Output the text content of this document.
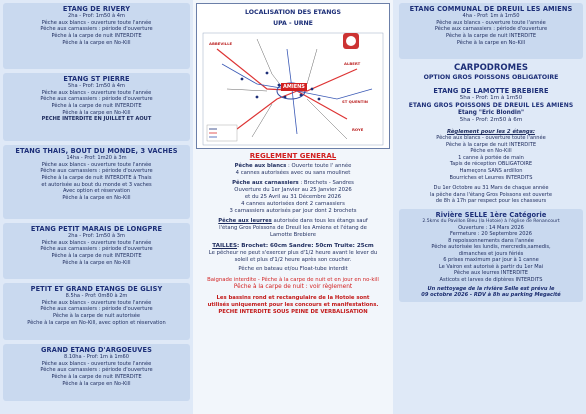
ETANG DE RIVERY
2ha - Prof: 1m50 à 4m
Pêche aux blancs - ouverture toute l'année
Pêche aux carnassiers : période d'ouverture
Pêche à la carpe de nuit INTERDITE
Pêche à la carpe en No-Kill
ETANG ST PIERRE
5ha - Prof: 1m50 à 4m
Pêche aux blancs - ouverture toute l'année
Pêche aux carnassiers : période d'ouverture
Pêche à la carpe de nuit INTERDITE
Pêche à la carpe en No-Kill
PECHE INTERDITE EN JUILLET ET AOUT
ETANG THAIS, BOUT DU MONDE, 3 VACHES
14ha - Prof: 1m20 à 3m
Pêche aux blancs - ouverture toute l'année
Pêche aux carnassiers : période d'ouverture
Pêche à la carpe de nuit INTERDITE à Thais
et autorisée au bout du monde et 3 vaches
Avec option et réservation
Pêche à la carpe en No-Kill
ETANG PETIT MARAIS DE LONGPRE
2ha - Prof: 1m50 à 3m
Pêche aux blancs - ouverture toute l'année
Pêche aux carnassiers : période d'ouverture
Pêche à la carpe de nuit INTERDITE
Pêche à la carpe en No-Kill
PETIT ET GRAND ETANGS DE GLISY
8.5ha - Prof: 0m80 à 2m
Pêche aux blancs - ouverture toute l'année
Pêche aux carnassiers : période d'ouverture
Pêche à la carpe de nuit autorisée
Pêche à la carpe en No-Kill, avec option et réservation
GRAND ETANG D'ARGOEUVES
8.10ha - Prof: 1m à 1m60
Pêche aux blancs - ouverture toute l'année
Pêche aux carnassiers : période d'ouverture
Pêche à la carpe de nuit INTERDITE
Pêche à la carpe en No-Kill
LOCALISATION DES ETANGS
UPA - URNE
ABBEVILLE
AMIENS
ALBERT
ST QUENTIN
ROYE
REGLEMENT GENERAL
Pêche aux blancs : Ouverte toute l' année
4 cannes autorisées avec ou sans moulinet
Pêche aux carnassiers : Brochets - Sandres
Ouverture du 1er Janvier au 25 Janvier 2026
et du 25 Avril au 31 Décembre 2026
4 cannes autorisées dont 2 carnassiers
3 carnassiers autorisés par jour dont 2 brochets
Pêche aux leurres autorisée dans tous les étangs sauf
l'étang Gros Poissons de Dreuil les Amiens et l'étang de
Lamotte Brebiere
TAILLES: Brochet: 60cm Sandre: 50cm Truite: 25cm
Le pêcheur ne peut s'exercer plus d'1/2 heure avant le lever du
soleil et plus d'1/2 heure après son coucher.
Pêche en bateau et/ou Float-tube interdit
Baignade interdite - Pêche à la carpe de nuit et en jour en no-kill
Pêche à la carpe de nuit : voir règlement
Les bassins rond et rectangulaire de la Hotoie sont
utilisés uniquement pour les concours et manifestations.
PECHE INTERDITE SOUS PEINE DE VERBALISATION
ETANG COMMUNAL DE DREUIL LES AMIENS
4ha - Prof: 1m à 1m50
Pêche aux blancs - ouverture toute l'année
Pêche aux carnassiers : période d'ouverture
Pêche à la carpe de nuit INTERDITE
Pêche à la carpe en No-Kill
CARPODROMES
OPTION GROS POISSONS OBLIGATOIRE
ETANG DE LAMOTTE BREBIERE
5ha - Prof: 1m à 1m50
ETANG GROS POISSONS DE DREUIL LES AMIENS
Etang "Eric Blondin"
5ha - Prof: 2m50 à 6m
Règlement pour les 2 étangs:
Pêche aux blancs - ouverture toute l'année
Pêche à la carpe de nuit INTERDITE
Pêche en No-Kill
1 canne à portée de main
Tapis de réception OBLIGATOIRE
Hameçons SANS ardillon
Bourriches et Leurres INTERDITS
Du 1er Octobre au 31 Mars de chaque année
la pêche dans l'étang Gros Poissons est ouverte
de 8h à 17h par respect pour les chasseurs
Rivière SELLE 1ère Catégorie
2.5kms du Pavillon Bleu (la Hotoie) à l'église de Renancourt
Ouverture : 14 Mars 2026
Fermeture : 20 Septembre 2026
8 repoissonnements dans l'année
Pêche autorisée les lundis, mercredis,samedis,
dimanches et jours fériés
6 prises maximum par jour à 1 canne
Le Vairon est autorisé à partir du 1er Mai
Pêche aux leurres INTERDITE
Asticots et larves de diptères INTERDITS
Un nettoyage de la rivière Selle est prévu le
09 octobre 2026 - RDV à 8h au parking Megacité
